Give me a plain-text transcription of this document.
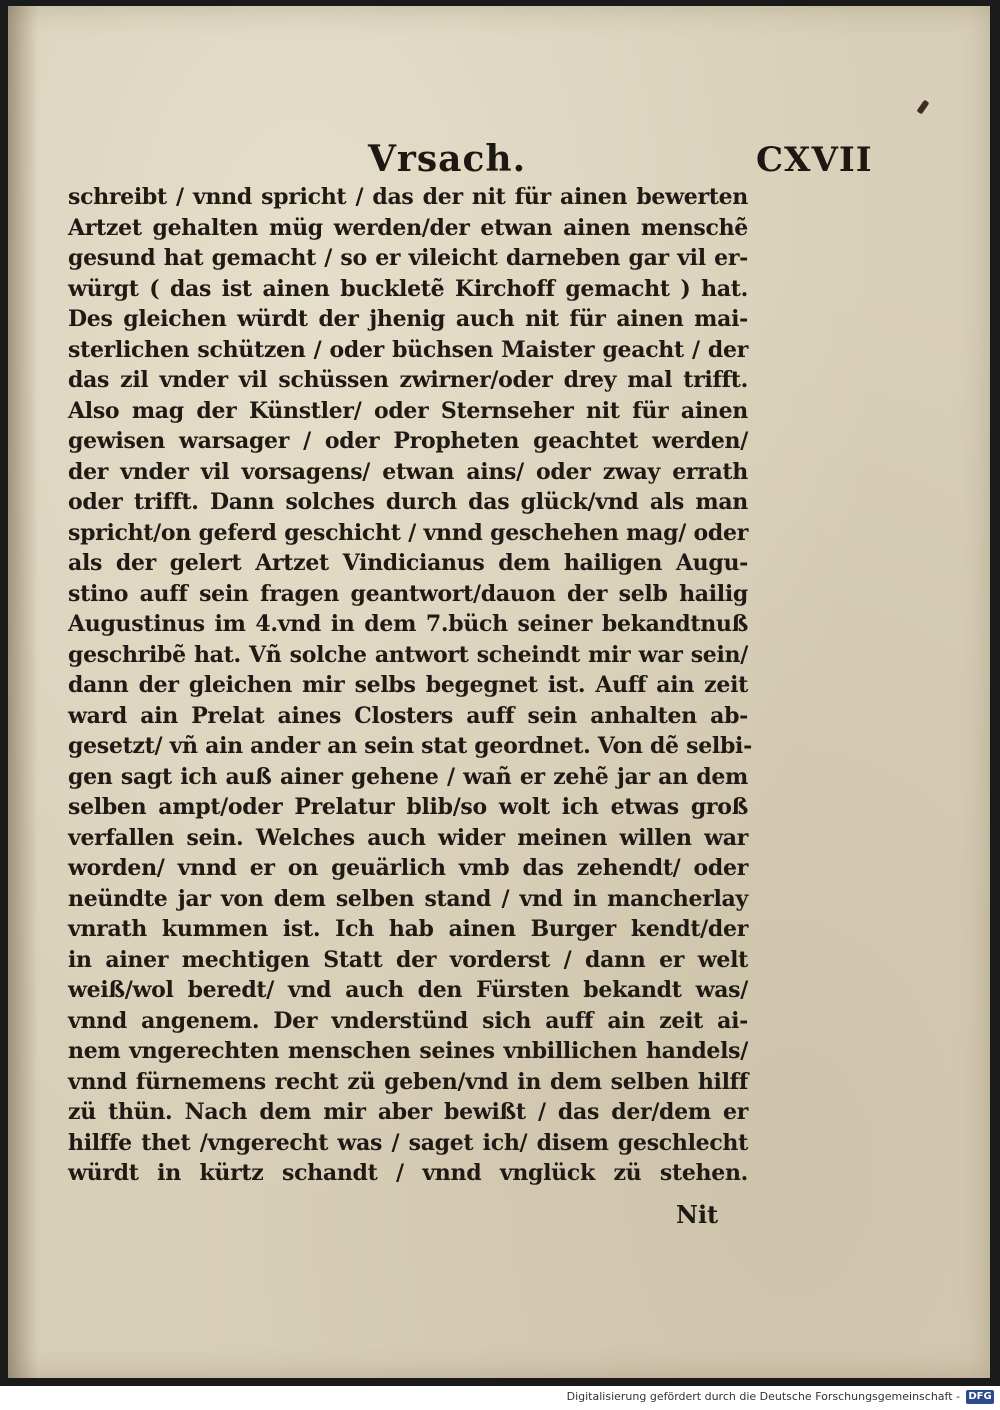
Vrsach.	CXVII
schreibt / vnnd spricht / das der nit für ainen bewerten
Artzet gehalten müg werden/der etwan ainen menschẽ
gesund hat gemacht / so er vileicht darneben gar vil er-
würgt ( das ist ainen buckletẽ Kirchoff gemacht ) hat.
Des gleichen würdt der jhenig auch nit für ainen mai-
sterlichen schützen / oder büchsen Maister geacht / der
das zil vnder vil schüssen zwirner/oder drey mal trifft.
Also mag der Künstler/ oder Sternseher nit für ainen
gewisen warsager / oder Propheten geachtet werden/
der vnder vil vorsagens/ etwan ains/ oder zway errath
oder trifft. Dann solches durch das glück/vnd als man
spricht/on geferd geschicht / vnnd geschehen mag/ oder
als der gelert Artzet Vindicianus dem hailigen Augu-
stino auff sein fragen geantwort/dauon der selb hailig
Augustinus im 4.vnd in dem 7.büch seiner bekandtnuß
geschribẽ hat. Vñ solche antwort scheindt mir war sein/
dann der gleichen mir selbs begegnet ist. Auff ain zeit
ward ain Prelat aines Closters auff sein anhalten ab-
gesetzt/ vñ ain ander an sein stat geordnet. Von dẽ selbi-
gen sagt ich auß ainer gehene / wañ er zehẽ jar an dem
selben ampt/oder Prelatur blib/so wolt ich etwas groß
verfallen sein. Welches auch wider meinen willen war
worden/ vnnd er on geuärlich vmb das zehendt/ oder
neündte jar von dem selben stand / vnd in mancherlay
vnrath kummen ist. Ich hab ainen Burger kendt/der
in ainer mechtigen Statt der vorderst / dann er welt
weiß/wol beredt/ vnd auch den Fürsten bekandt was/
vnnd angenem. Der vnderstünd sich auff ain zeit ai-
nem vngerechten menschen seines vnbillichen handels/
vnnd fürnemens recht zü geben/vnd in dem selben hilff
zü thün. Nach dem mir aber bewißt / das der/dem er
hilffe thet /vngerecht was / saget ich/ disem geschlecht
würdt in kürtz schandt / vnnd vnglück zü stehen.
Nit
Digitalisierung gefördert durch die Deutsche Forschungsgemeinschaft - DFG
